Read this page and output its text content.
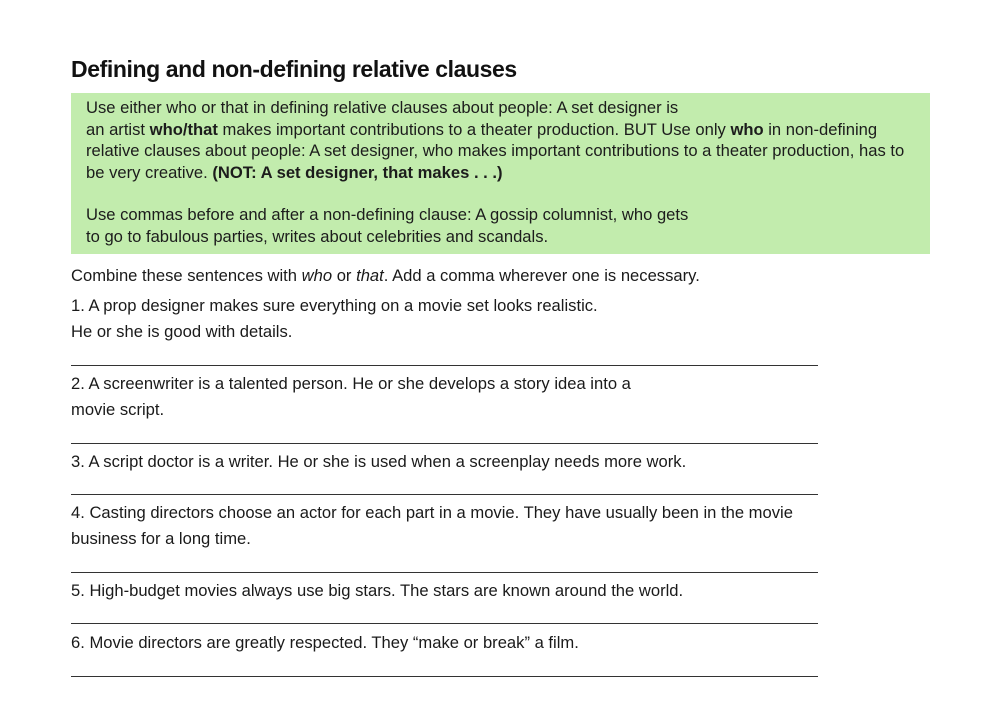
Defining and non-defining relative clauses

Use either who or that in defining relative clauses about people: A set designer is
an artist who/that makes important contributions to a theater production. BUT Use only who in non-defining relative clauses about people: A set designer, who makes important contributions to a theater production, has to be very creative. (NOT: A set designer, that makes . . .)

Use commas before and after a non-defining clause: A gossip columnist, who gets
to go to fabulous parties, writes about celebrities and scandals.

Combine these sentences with who or that. Add a comma wherever one is necessary.

1. A prop designer makes sure everything on a movie set looks realistic.
He or she is good with details.

2. A screenwriter is a talented person. He or she develops a story idea into a
movie script.

3. A script doctor is a writer. He or she is used when a screenplay needs more work.

4. Casting directors choose an actor for each part in a movie. They have usually been in the movie
business for a long time.

5. High-budget movies always use big stars. The stars are known around the world.

6. Movie directors are greatly respected. They “make or break” a film.
